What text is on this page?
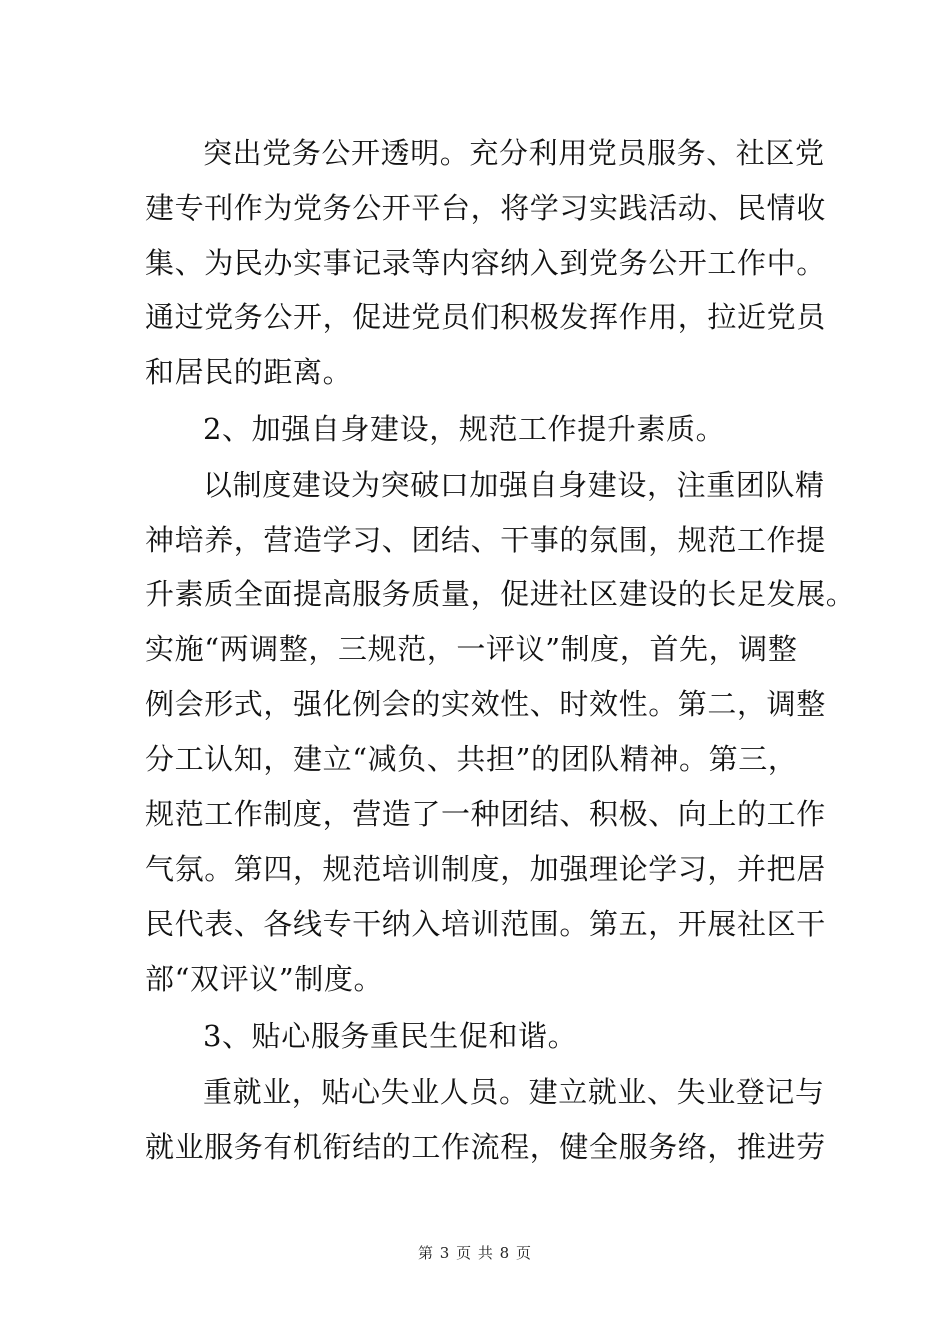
突出党务公开透明。充分利用党员服务、社区党
建专刊作为党务公开平台，将学习实践活动、民情收
集、为民办实事记录等内容纳入到党务公开工作中。
通过党务公开，促进党员们积极发挥作用，拉近党员
和居民的距离。
2、加强自身建设，规范工作提升素质。
以制度建设为突破口加强自身建设，注重团队精
神培养，营造学习、团结、干事的氛围，规范工作提
升素质全面提高服务质量，促进社区建设的长足发展。
实施“两调整，三规范，一评议”制度，首先，调整
例会形式，强化例会的实效性、时效性。第二，调整
分工认知，建立“减负、共担”的团队精神。第三，
规范工作制度，营造了一种团结、积极、向上的工作
气氛。第四，规范培训制度，加强理论学习，并把居
民代表、各线专干纳入培训范围。第五，开展社区干
部“双评议”制度。
3、贴心服务重民生促和谐。
重就业，贴心失业人员。建立就业、失业登记与
就业服务有机衔结的工作流程，健全服务络，推进劳
第 3 页 共 8 页
